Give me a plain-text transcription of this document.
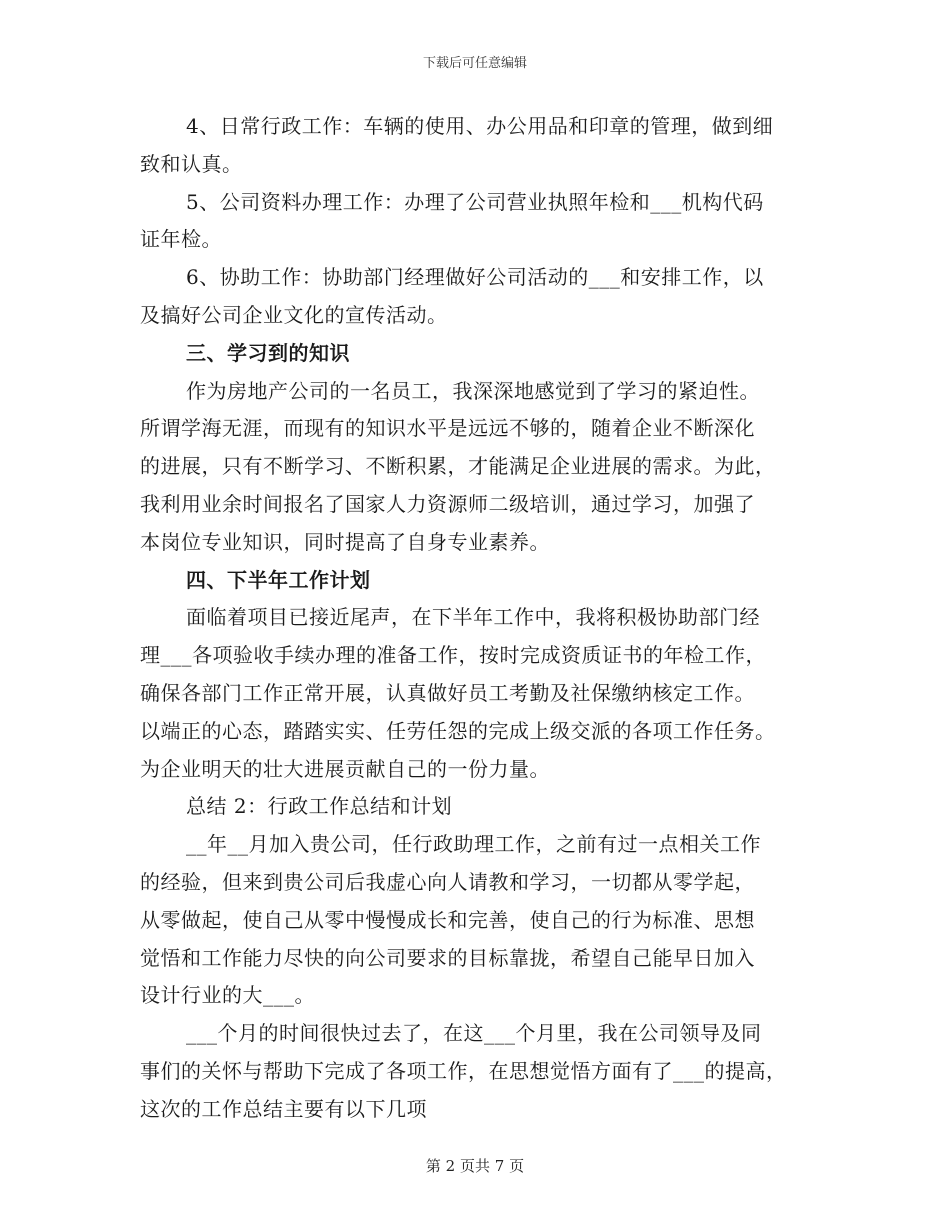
下载后可任意编辑
4、日常行政工作：车辆的使用、办公用品和印章的管理，做到细
致和认真。
5、公司资料办理工作：办理了公司营业执照年检和___机构代码
证年检。
6、协助工作：协助部门经理做好公司活动的___和安排工作，以
及搞好公司企业文化的宣传活动。
三、学习到的知识
作为房地产公司的一名员工，我深深地感觉到了学习的紧迫性。
所谓学海无涯，而现有的知识水平是远远不够的，随着企业不断深化
的进展，只有不断学习、不断积累，才能满足企业进展的需求。为此，
我利用业余时间报名了国家人力资源师二级培训，通过学习，加强了
本岗位专业知识，同时提高了自身专业素养。
四、下半年工作计划
面临着项目已接近尾声，在下半年工作中，我将积极协助部门经
理___各项验收手续办理的准备工作，按时完成资质证书的年检工作，
确保各部门工作正常开展，认真做好员工考勤及社保缴纳核定工作。
以端正的心态，踏踏实实、任劳任怨的完成上级交派的各项工作任务。
为企业明天的壮大进展贡献自己的一份力量。
总结 2：行政工作总结和计划
__年__月加入贵公司，任行政助理工作，之前有过一点相关工作
的经验，但来到贵公司后我虚心向人请教和学习，一切都从零学起，
从零做起，使自己从零中慢慢成长和完善，使自己的行为标准、思想
觉悟和工作能力尽快的向公司要求的目标靠拢，希望自己能早日加入
设计行业的大___。
___个月的时间很快过去了，在这___个月里，我在公司领导及同
事们的关怀与帮助下完成了各项工作，在思想觉悟方面有了___的提高，
这次的工作总结主要有以下几项
第 2 页共 7 页
